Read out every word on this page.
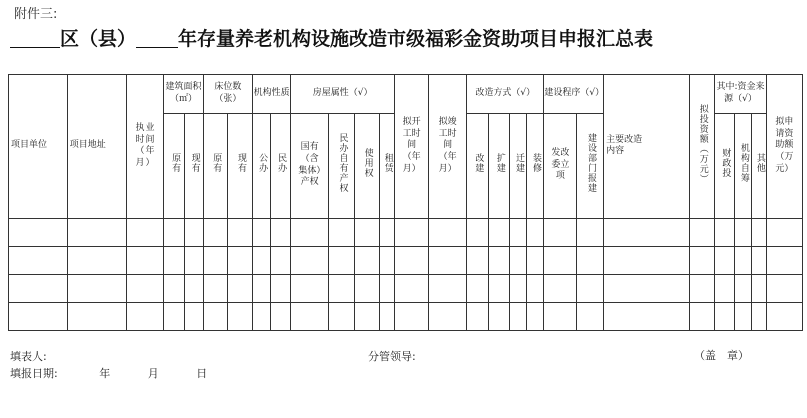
附件三:
区（县） 年存量养老机构设施改造市级福彩金资助项目申报汇总表
项目单位	项目地址	执业时间（年月）	建筑面积（㎡）		床位数（张）		机构性质		房屋属性（√）				拟开工时间（年月）	拟竣工时间（年月）	改造方式（√）				建设程序（√）		主要改造内容	拟投资额（万元）	其中:资金来源（√）			拟申请资助额（万元）
			原有	现有	原有	现有	公办	民办	国有（含集体）产权	民办自有产权	使用权	租赁			改建	扩建	迁建	装修	发改委立项	建设部门报建			财政投	机构自筹	其他	

填表人:	分管领导:	（盖　章）
填报日期:	年	月	日
